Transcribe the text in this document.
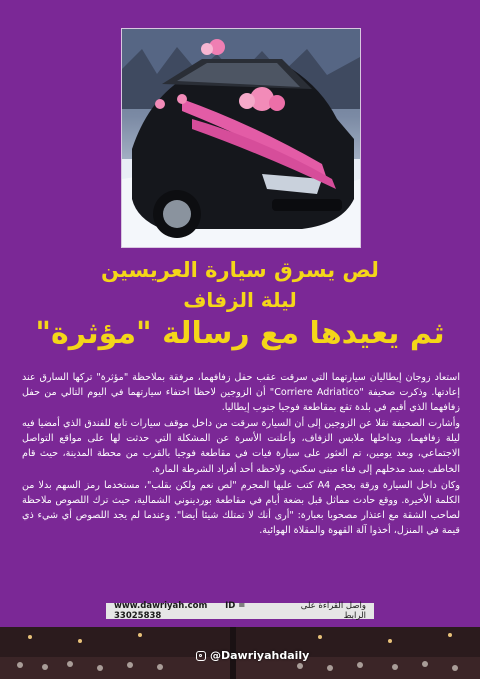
لص يسرق سيارة العريسين
ليلة الزفاف
ثم يعيدها مع رسالة "مؤثرة"

استعاد زوجان إيطاليان سيارتهما التي سرقت عقب حفل زفافهما، مرفقة بملاحظة "مؤثرة" تركها السارق عند إعادتها. وذكرت صحيفة "Corriere Adriatico" أن الزوجين لاحظا اختفاء سيارتهما في اليوم التالي من حفل زفافهما الذي أقيم في بلدة تقع بمقاطعة فوجيا جنوب إيطاليا.

وأشارت الصحيفة نقلا عن الزوجين إلى أن السيارة سرقت من داخل موقف سيارات تابع للفندق الذي أمضيا فيه ليلة زفافهما، وبداخلها ملابس الزفاف، وأعلنت الأسرة عن المشكلة التي حدثت لها على مواقع التواصل الاجتماعي، وبعد يومين، تم العثور على سيارة فيات في مقاطعة فوجيا بالقرب من محطة المدينة، حيث قام الخاطف بسد مدخلهم إلى فناء مبنى سكني، ولاحظه أحد أفراد الشرطة المارة.

وكان داخل السيارة ورقة بحجم A4 كتب عليها المجرم "لص نعم ولكن بقلب"، مستخدما رمز السهم بدلا من الكلمة الأخيرة. ووقع حادث مماثل قبل بضعة أيام في مقاطعة بوردينوني الشمالية، حيث ترك اللصوص ملاحظة لصاحب الشقة مع اعتذار مصحوبا بعبارة: "أرى أنك لا تمتلك شيئا أيضا". وعندما لم يجد اللصوص أي شيء ذي قيمة في المنزل، أخذوا آلة القهوة والمقلاة الهوائية.

www.dawriyah.com ID = 33025838
واصل القراءة على الرابط
@Dawriyahdaily
